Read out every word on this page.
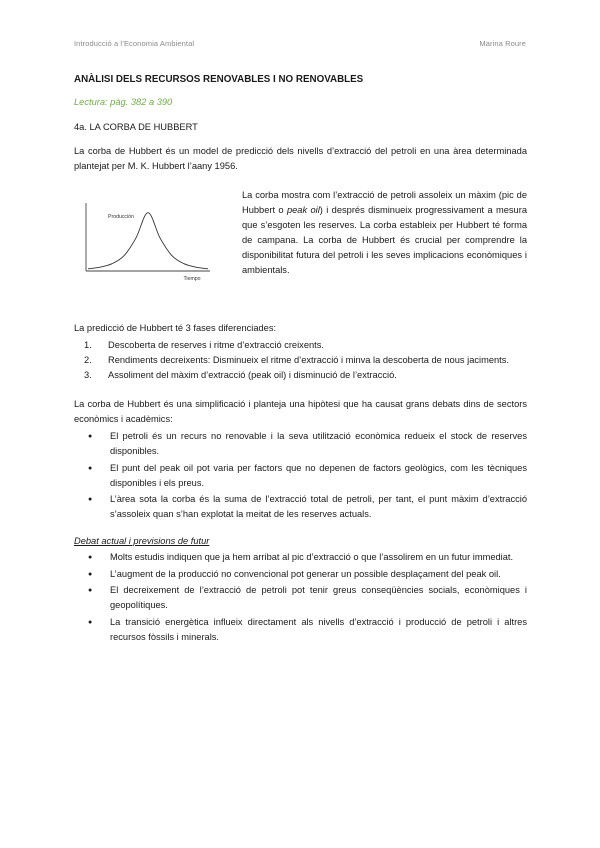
Introducció a l’Economia Ambiental	Marina Roure

ANÀLISI DELS RECURSOS RENOVABLES I NO RENOVABLES

Lectura: pàg. 382 a 390

4a. LA CORBA DE HUBBERT

La corba de Hubbert és un model de predicció dels nivells d’extracció del petroli en una àrea determinada plantejat per M. K. Hubbert l’aany 1956.

Producción
Tiempo
La corba mostra com l’extracció de petroli assoleix un màxim (pic de Hubbert o peak oil) i després disminueix progressivament a mesura que s’esgoten les reserves. La corba estableix per Hubbert té forma de campana. La corba de Hubbert és crucial per comprendre la disponibilitat futura del petroli i les seves implicacions econòmiques i ambientals.

La predicció de Hubbert té 3 fases diferenciades:

1. Descoberta de reserves i ritme d’extracció creixents.
2. Rendiments decreixents: Disminueix el ritme d’extracció i minva la descoberta de nous jaciments.
3. Assoliment del màxim d’extracció (peak oil) i disminució de l’extracció.

La corba de Hubbert és una simplificació i planteja una hipòtesi que ha causat grans debats dins de sectors econòmics i acadèmics:

● El petroli és un recurs no renovable i la seva utilització econòmica redueix el stock de reserves disponibles.
● El punt del peak oil pot varia per factors que no depenen de factors geològics, com les tècniques disponibles i els preus.
● L’àrea sota la corba és la suma de l’extracció total de petroli, per tant, el punt màxim d’extracció s’assoleix quan s’han explotat la meitat de les reserves actuals.

Debat actual i previsions de futur

● Molts estudis indiquen que ja hem arribat al pic d’extracció o que l’assolirem en un futur immediat.
● L’augment de la producció no convencional pot generar un possible desplaçament del peak oil.
● El decreixement de l’extracció de petroli pot tenir greus conseqüències socials, econòmiques i geopolítiques.
● La transició energètica influeix directament als nivells d’extracció i producció de petroli i altres recursos fòssils i minerals.
